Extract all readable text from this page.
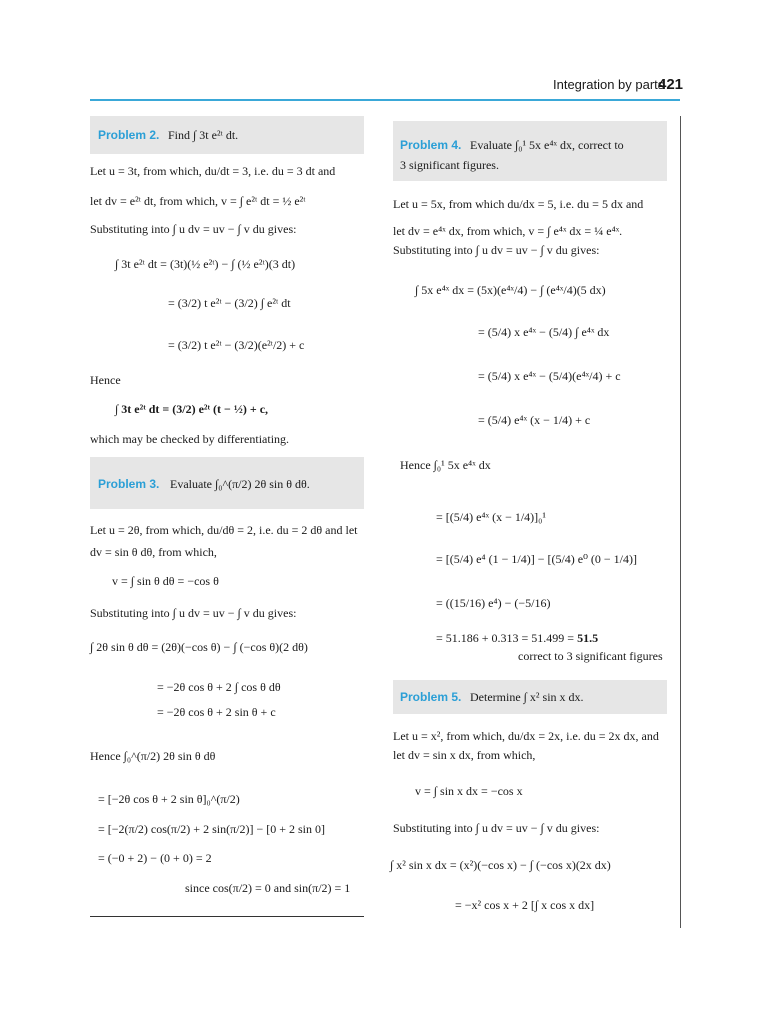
Integration by parts
421
Problem 2. Find ∫ 3t e²ᵗ dt.
Let u = 3t, from which, du/dt = 3, i.e. du = 3 dt and
let dv = e²ᵗ dt, from which, v = ∫ e²ᵗ dt = ½ e²ᵗ
Substituting into ∫ u dv = uv − ∫ v du gives:
∫ 3t e²ᵗ dt = (3t)(½ e²ᵗ) − ∫ (½ e²ᵗ)(3 dt)
= (3/2) t e²ᵗ − (3/2) ∫ e²ᵗ dt
= (3/2) t e²ᵗ − (3/2)(e²ᵗ/2) + c
Hence
∫ 3t e²ᵗ dt = (3/2) e²ᵗ (t − ½) + c,
which may be checked by differentiating.
Problem 3. Evaluate ∫₀^(π/2) 2θ sin θ dθ.
Let u = 2θ, from which, du/dθ = 2, i.e. du = 2 dθ and let
dv = sin θ dθ, from which,
v = ∫ sin θ dθ = −cos θ
Substituting into ∫ u dv = uv − ∫ v du gives:
∫ 2θ sin θ dθ = (2θ)(−cos θ) − ∫ (−cos θ)(2 dθ)
= −2θ cos θ + 2 ∫ cos θ dθ
= −2θ cos θ + 2 sin θ + c
Hence ∫₀^(π/2) 2θ sin θ dθ
= [−2θ cos θ + 2 sin θ]₀^(π/2)
= [−2(π/2) cos(π/2) + 2 sin(π/2)] − [0 + 2 sin 0]
= (−0 + 2) − (0 + 0) = 2
since cos(π/2) = 0 and sin(π/2) = 1
Problem 4. Evaluate ∫₀¹ 5x e⁴ˣ dx, correct to
3 significant figures.
Let u = 5x, from which du/dx = 5, i.e. du = 5 dx and
let dv = e⁴ˣ dx, from which, v = ∫ e⁴ˣ dx = ¼ e⁴ˣ.
Substituting into ∫ u dv = uv − ∫ v du gives:
∫ 5x e⁴ˣ dx = (5x)(e⁴ˣ/4) − ∫ (e⁴ˣ/4)(5 dx)
= (5/4) x e⁴ˣ − (5/4) ∫ e⁴ˣ dx
= (5/4) x e⁴ˣ − (5/4)(e⁴ˣ/4) + c
= (5/4) e⁴ˣ (x − 1/4) + c
Hence ∫₀¹ 5x e⁴ˣ dx
= [(5/4) e⁴ˣ (x − 1/4)]₀¹
= [(5/4) e⁴ (1 − 1/4)] − [(5/4) e⁰ (0 − 1/4)]
= ((15/16) e⁴) − (−5/16)
= 51.186 + 0.313 = 51.499 = 51.5
correct to 3 significant figures
Problem 5. Determine ∫ x² sin x dx.
Let u = x², from which, du/dx = 2x, i.e. du = 2x dx, and
let dv = sin x dx, from which,
v = ∫ sin x dx = −cos x
Substituting into ∫ u dv = uv − ∫ v du gives:
∫ x² sin x dx = (x²)(−cos x) − ∫ (−cos x)(2x dx)
= −x² cos x + 2 [∫ x cos x dx]
